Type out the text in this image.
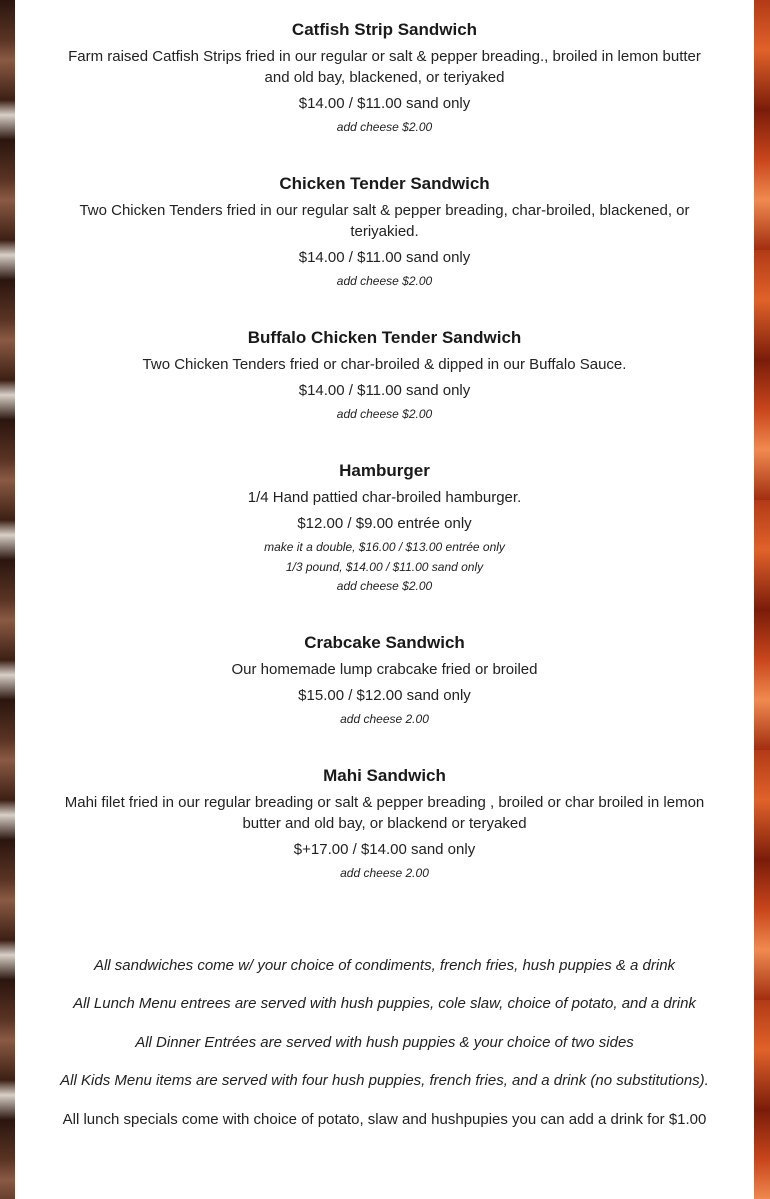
Catfish Strip Sandwich
Farm raised Catfish Strips fried in our regular or salt & pepper breading., broiled in lemon butter and old bay, blackened, or teriyaked
$14.00 / $11.00 sand only
add cheese $2.00
Chicken Tender Sandwich
Two Chicken Tenders fried in our regular salt & pepper breading, char-broiled, blackened, or teriyakied.
$14.00 / $11.00 sand only
add cheese $2.00
Buffalo Chicken Tender Sandwich
Two Chicken Tenders fried or char-broiled & dipped in our Buffalo Sauce.
$14.00 / $11.00 sand only
add cheese $2.00
Hamburger
1/4 Hand pattied char-broiled hamburger.
$12.00 / $9.00 entrée only
make it a double, $16.00 / $13.00 entrée only
1/3 pound, $14.00 / $11.00 sand only
add cheese $2.00
Crabcake Sandwich
Our homemade lump crabcake fried or broiled
$15.00 / $12.00 sand only
add cheese 2.00
Mahi Sandwich
Mahi filet fried in our regular breading or salt & pepper breading , broiled or char broiled in lemon butter and old bay, or blackend or teryaked
$+17.00 / $14.00 sand only
add cheese 2.00
All sandwiches come w/ your choice of condiments, french fries, hush puppies & a drink
All Lunch Menu entrees are served with hush puppies, cole slaw, choice of potato, and a drink
All Dinner Entrées are served with hush puppies & your choice of two sides
All Kids Menu items are served with four hush puppies, french fries, and a drink (no substitutions).
All lunch specials come with choice of potato, slaw and hushpupies you can add a drink for $1.00
